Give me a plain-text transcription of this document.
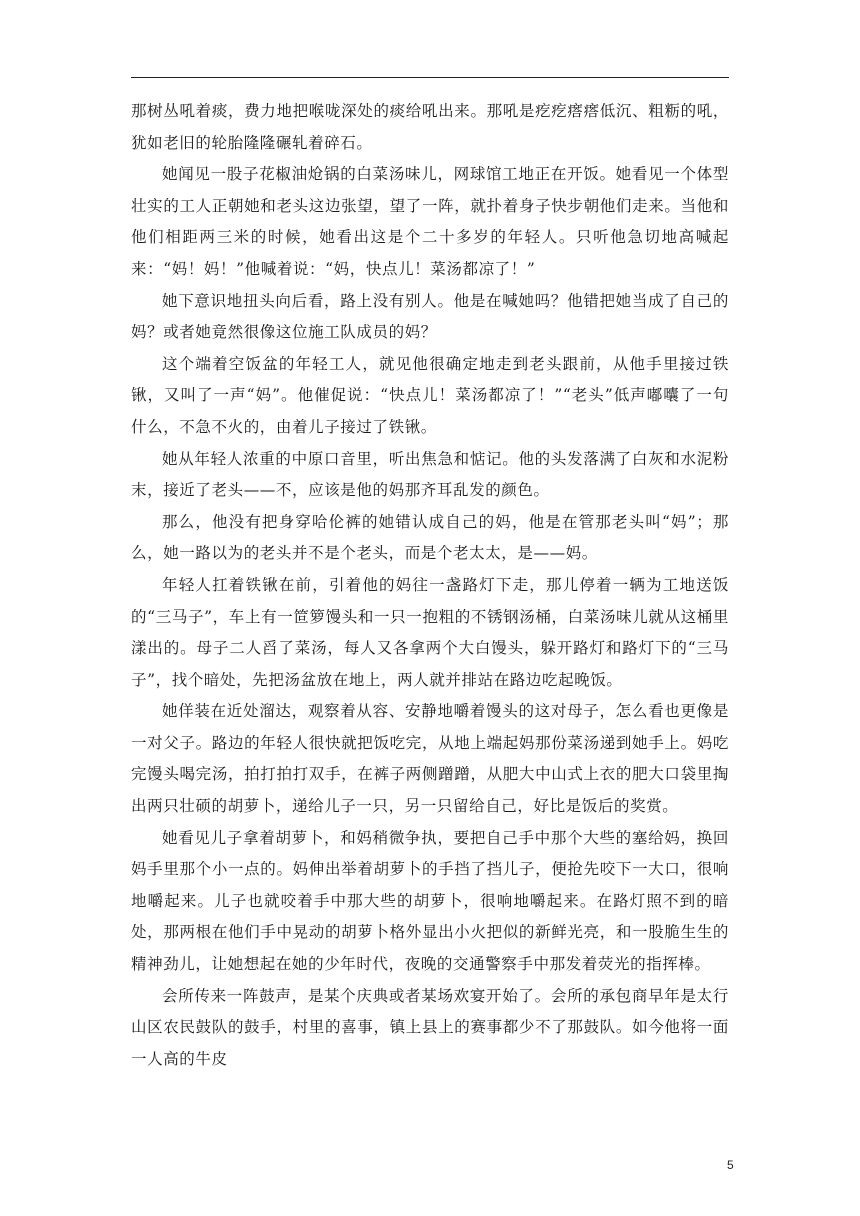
那树丛吼着痰，费力地把喉咙深处的痰给吼出来。那吼是疙疙瘩瘩低沉、粗粝的吼，犹如老旧的轮胎隆隆碾轧着碎石。

她闻见一股子花椒油炝锅的白菜汤味儿，网球馆工地正在开饭。她看见一个体型壮实的工人正朝她和老头这边张望，望了一阵，就扑着身子快步朝他们走来。当他和他们相距两三米的时候，她看出这是个二十多岁的年轻人。只听他急切地高喊起来：“妈！妈！”他喊着说：“妈，快点儿！菜汤都凉了！”

她下意识地扭头向后看，路上没有别人。他是在喊她吗？他错把她当成了自己的妈？或者她竟然很像这位施工队成员的妈？

这个端着空饭盆的年轻工人，就见他很确定地走到老头跟前，从他手里接过铁锹，又叫了一声“妈”。他催促说：“快点儿！菜汤都凉了！”“老头”低声嘟囔了一句什么，不急不火的，由着儿子接过了铁锹。

她从年轻人浓重的中原口音里，听出焦急和惦记。他的头发落满了白灰和水泥粉末，接近了老头——不，应该是他的妈那齐耳乱发的颜色。

那么，他没有把身穿哈伦裤的她错认成自己的妈，他是在管那老头叫“妈”；那么，她一路以为的老头并不是个老头，而是个老太太，是——妈。

年轻人扛着铁锹在前，引着他的妈往一盏路灯下走，那儿停着一辆为工地送饭的“三马子”，车上有一笸箩馒头和一只一抱粗的不锈钢汤桶，白菜汤味儿就从这桶里漾出的。母子二人舀了菜汤，每人又各拿两个大白馒头，躲开路灯和路灯下的“三马子”，找个暗处，先把汤盆放在地上，两人就并排站在路边吃起晚饭。

她佯装在近处溜达，观察着从容、安静地嚼着馒头的这对母子，怎么看也更像是一对父子。路边的年轻人很快就把饭吃完，从地上端起妈那份菜汤递到她手上。妈吃完馒头喝完汤，拍打拍打双手，在裤子两侧蹭蹭，从肥大中山式上衣的肥大口袋里掏出两只壮硕的胡萝卜，递给儿子一只，另一只留给自己，好比是饭后的奖赏。

她看见儿子拿着胡萝卜，和妈稍微争执，要把自己手中那个大些的塞给妈，换回妈手里那个小一点的。妈伸出举着胡萝卜的手挡了挡儿子，便抢先咬下一大口，很响地嚼起来。儿子也就咬着手中那大些的胡萝卜，很响地嚼起来。在路灯照不到的暗处，那两根在他们手中晃动的胡萝卜格外显出小火把似的新鲜光亮，和一股脆生生的精神劲儿，让她想起在她的少年时代，夜晚的交通警察手中那发着荧光的指挥棒。

会所传来一阵鼓声，是某个庆典或者某场欢宴开始了。会所的承包商早年是太行山区农民鼓队的鼓手，村里的喜事，镇上县上的赛事都少不了那鼓队。如今他将一面一人高的牛皮

5
